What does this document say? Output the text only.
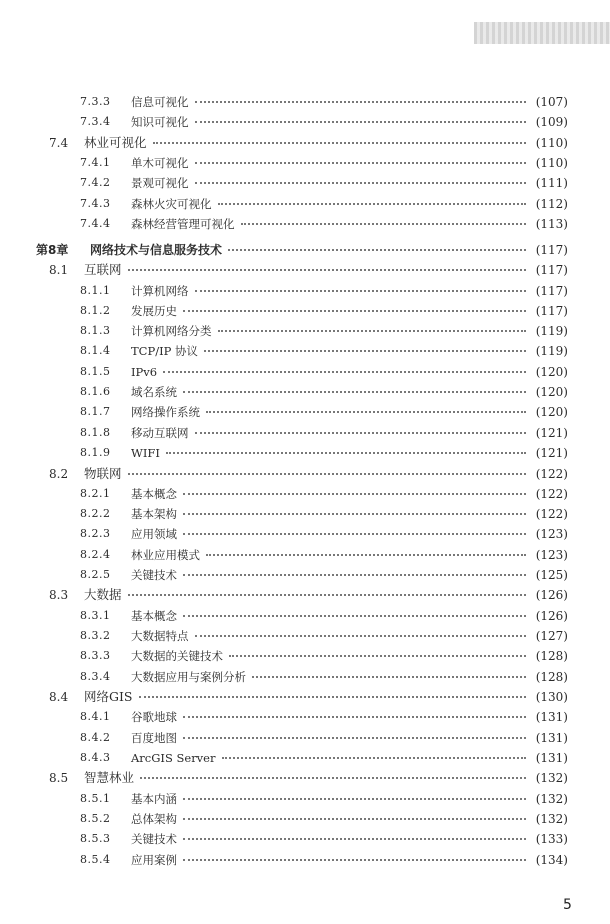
7.3.3 信息可视化	(107)
7.3.4 知识可视化	(109)
7.4 林业可视化	(110)
7.4.1 单木可视化	(110)
7.4.2 景观可视化	(111)
7.4.3 森林火灾可视化	(112)
7.4.4 森林经营管理可视化	(113)
第8章 网络技术与信息服务技术	(117)
8.1 互联网	(117)
8.1.1 计算机网络	(117)
8.1.2 发展历史	(117)
8.1.3 计算机网络分类	(119)
8.1.4 TCP/IP 协议	(119)
8.1.5 IPv6	(120)
8.1.6 域名系统	(120)
8.1.7 网络操作系统	(120)
8.1.8 移动互联网	(121)
8.1.9 WIFI	(121)
8.2 物联网	(122)
8.2.1 基本概念	(122)
8.2.2 基本架构	(122)
8.2.3 应用领域	(123)
8.2.4 林业应用模式	(123)
8.2.5 关键技术	(125)
8.3 大数据	(126)
8.3.1 基本概念	(126)
8.3.2 大数据特点	(127)
8.3.3 大数据的关键技术	(128)
8.3.4 大数据应用与案例分析	(128)
8.4 网络GIS	(130)
8.4.1 谷歌地球	(131)
8.4.2 百度地图	(131)
8.4.3 ArcGIS Server	(131)
8.5 智慧林业	(132)
8.5.1 基本内涵	(132)
8.5.2 总体架构	(132)
8.5.3 关键技术	(133)
8.5.4 应用案例	(134)
5
